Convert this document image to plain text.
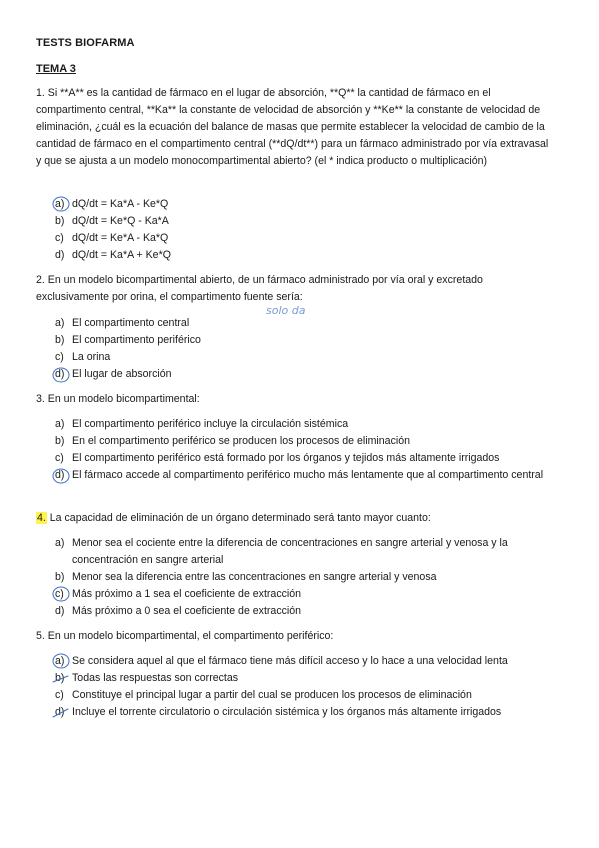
TESTS BIOFARMA
TEMA 3
1. Si **A** es la cantidad de fármaco en el lugar de absorción, **Q** la cantidad de fármaco en el compartimento central, **Ka** la constante de velocidad de absorción y **Ke** la constante de velocidad de eliminación, ¿cuál es la ecuación del balance de masas que permite establecer la velocidad de cambio de la cantidad de fármaco en el compartimento central (**dQ/dt**) para un fármaco administrado por vía extravasal y que se ajusta a un modelo monocompartimental abierto? (el * indica producto o multiplicación)
a) dQ/dt = Ka*A - Ke*Q
b) dQ/dt = Ke*Q - Ka*A
c) dQ/dt = Ke*A - Ka*Q
d) dQ/dt = Ka*A + Ke*Q
2. En un modelo bicompartimental abierto, de un fármaco administrado por vía oral y excretado exclusivamente por orina, el compartimento fuente sería:
a) El compartimento central
b) El compartimento periférico
c) La orina
d) El lugar de absorción
3. En un modelo bicompartimental:
a) El compartimento periférico incluye la circulación sistémica
b) En el compartimento periférico se producen los procesos de eliminación
c) El compartimento periférico está formado por los órganos y tejidos más altamente irrigados
d) El fármaco accede al compartimento periférico mucho más lentamente que al compartimento central
4. La capacidad de eliminación de un órgano determinado será tanto mayor cuanto:
a) Menor sea el cociente entre la diferencia de concentraciones en sangre arterial y venosa y la concentración en sangre arterial
b) Menor sea la diferencia entre las concentraciones en sangre arterial y venosa
c) Más próximo a 1 sea el coeficiente de extracción
d) Más próximo a 0 sea el coeficiente de extracción
5. En un modelo bicompartimental, el compartimento periférico:
a) Se considera aquel al que el fármaco tiene más difícil acceso y lo hace a una velocidad lenta
b) Todas las respuestas son correctas
c) Constituye el principal lugar a partir del cual se producen los procesos de eliminación
d) Incluye el torrente circulatorio o circulación sistémica y los órganos más altamente irrigados
solo da
